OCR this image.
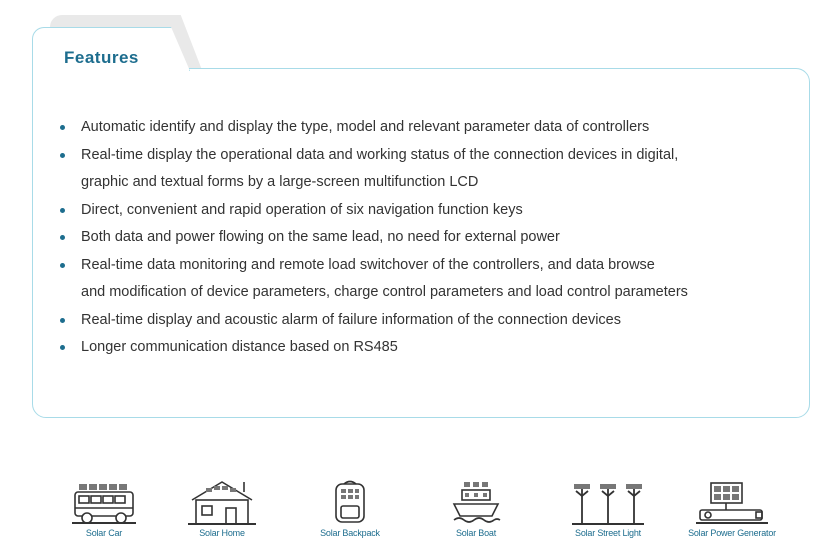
Features
Automatic identify and display the type, model and relevant parameter data of controllers
Real-time display the operational data and working status of the connection devices in digital,
graphic and textual forms by a large-screen multifunction LCD
Direct, convenient and rapid operation of six navigation function keys
Both data and power flowing on the same lead, no need for external power
Real-time data monitoring and remote load switchover of the controllers, and data browse
and modification of device parameters, charge control parameters and load control parameters
Real-time display and acoustic alarm of failure information of the connection devices
Longer communication distance based on RS485
Solar Car	Solar Home	Solar Backpack	Solar Boat	Solar Street Light	Solar Power Generator
